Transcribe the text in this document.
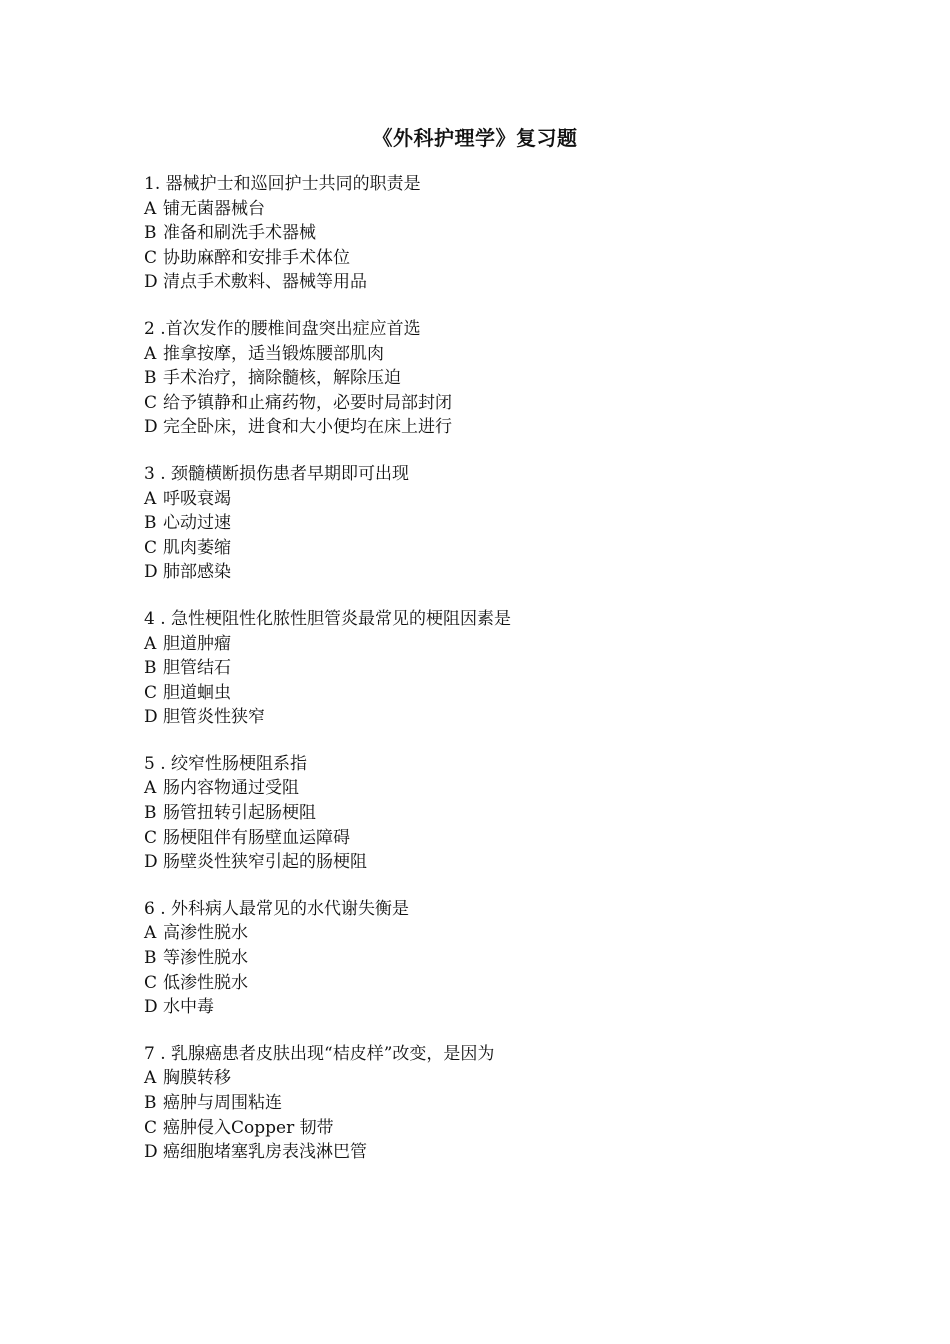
《外科护理学》复习题
1. 器械护士和巡回护士共同的职责是
A 铺无菌器械台
B 准备和刷洗手术器械
C 协助麻醉和安排手术体位
D 清点手术敷料、器械等用品
2 .首次发作的腰椎间盘突出症应首选
A 推拿按摩，适当锻炼腰部肌肉
B 手术治疗，摘除髓核，解除压迫
C 给予镇静和止痛药物，必要时局部封闭
D 完全卧床，进食和大小便均在床上进行
3 . 颈髓横断损伤患者早期即可出现
A 呼吸衰竭
B 心动过速
C 肌肉萎缩
D 肺部感染
4 . 急性梗阻性化脓性胆管炎最常见的梗阻因素是
A 胆道肿瘤
B 胆管结石
C 胆道蛔虫
D 胆管炎性狭窄
5 . 绞窄性肠梗阻系指
A 肠内容物通过受阻
B 肠管扭转引起肠梗阻
C 肠梗阻伴有肠壁血运障碍
D 肠壁炎性狭窄引起的肠梗阻
6 . 外科病人最常见的水代谢失衡是
A 高渗性脱水
B 等渗性脱水
C 低渗性脱水
D 水中毒
7 . 乳腺癌患者皮肤出现“桔皮样”改变，是因为
A 胸膜转移
B 癌肿与周围粘连
C 癌肿侵入Copper 韧带
D 癌细胞堵塞乳房表浅淋巴管
